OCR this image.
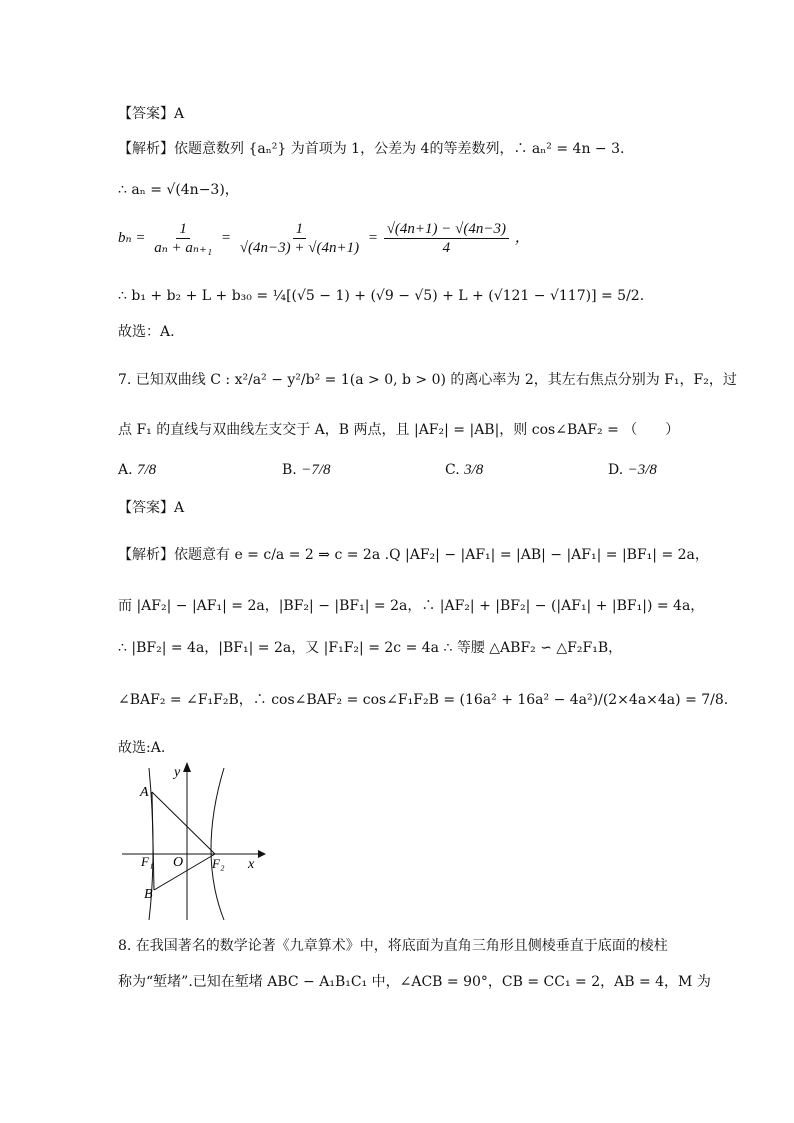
【答案】A
【解析】依题意数列 {aₙ²} 为首项为 1，公差为 4的等差数列，∴ aₙ² = 4n − 3.
∴ aₙ = √(4n−3)，
$b_n = \frac{1}{\text{aₙ + aₙ₊₁}} = \frac{1}{√(4n-3) + √(4n+1)} = \frac{√(4n+1) - √(4n-3)}{4}$ ，
∴ b₁ + b₂ + L + b₃₀ = ¼[(√5 − 1) + (√9 − √5) + L + (√121 − √117)] = 5/2.
故选：A.
7. 已知双曲线 C : x²/a² − y²/b² = 1(a > 0, b > 0) 的离心率为 2，其左右焦点分别为 F₁，F₂，过
点 F₁ 的直线与双曲线左支交于 A，B 两点，且 |AF₂| = |AB|，则 cos∠BAF₂ = （　　）
A. 7/8	B. −7/8	C. 3/8	D. −3/8
【答案】A
【解析】依题意有 e = c/a = 2 ⇒ c = 2a .Q |AF₂| − |AF₁| = |AB| − |AF₁| = |BF₁| = 2a，
而 |AF₂| − |AF₁| = 2a，|BF₂| − |BF₁| = 2a，∴ |AF₂| + |BF₂| − (|AF₁| + |BF₁|) = 4a，
∴ |BF₂| = 4a，|BF₁| = 2a，又 |F₁F₂| = 2c = 4a ∴ 等腰 △ABF₂ ∽ △F₂F₁B，
∠BAF₂ = ∠F₁F₂B，∴ cos∠BAF₂ = cos∠F₁F₂B = (16a² + 16a² − 4a²)/(2×4a×4a) = 7/8.
故选:A.
y
x
A
B
O
F₁	F₂
8. 在我国著名的数学论著《九章算术》中，将底面为直角三角形且侧棱垂直于底面的棱柱
称为“堑堵”.已知在堑堵 ABC − A₁B₁C₁ 中，∠ACB = 90°，CB = CC₁ = 2，AB = 4，M 为
